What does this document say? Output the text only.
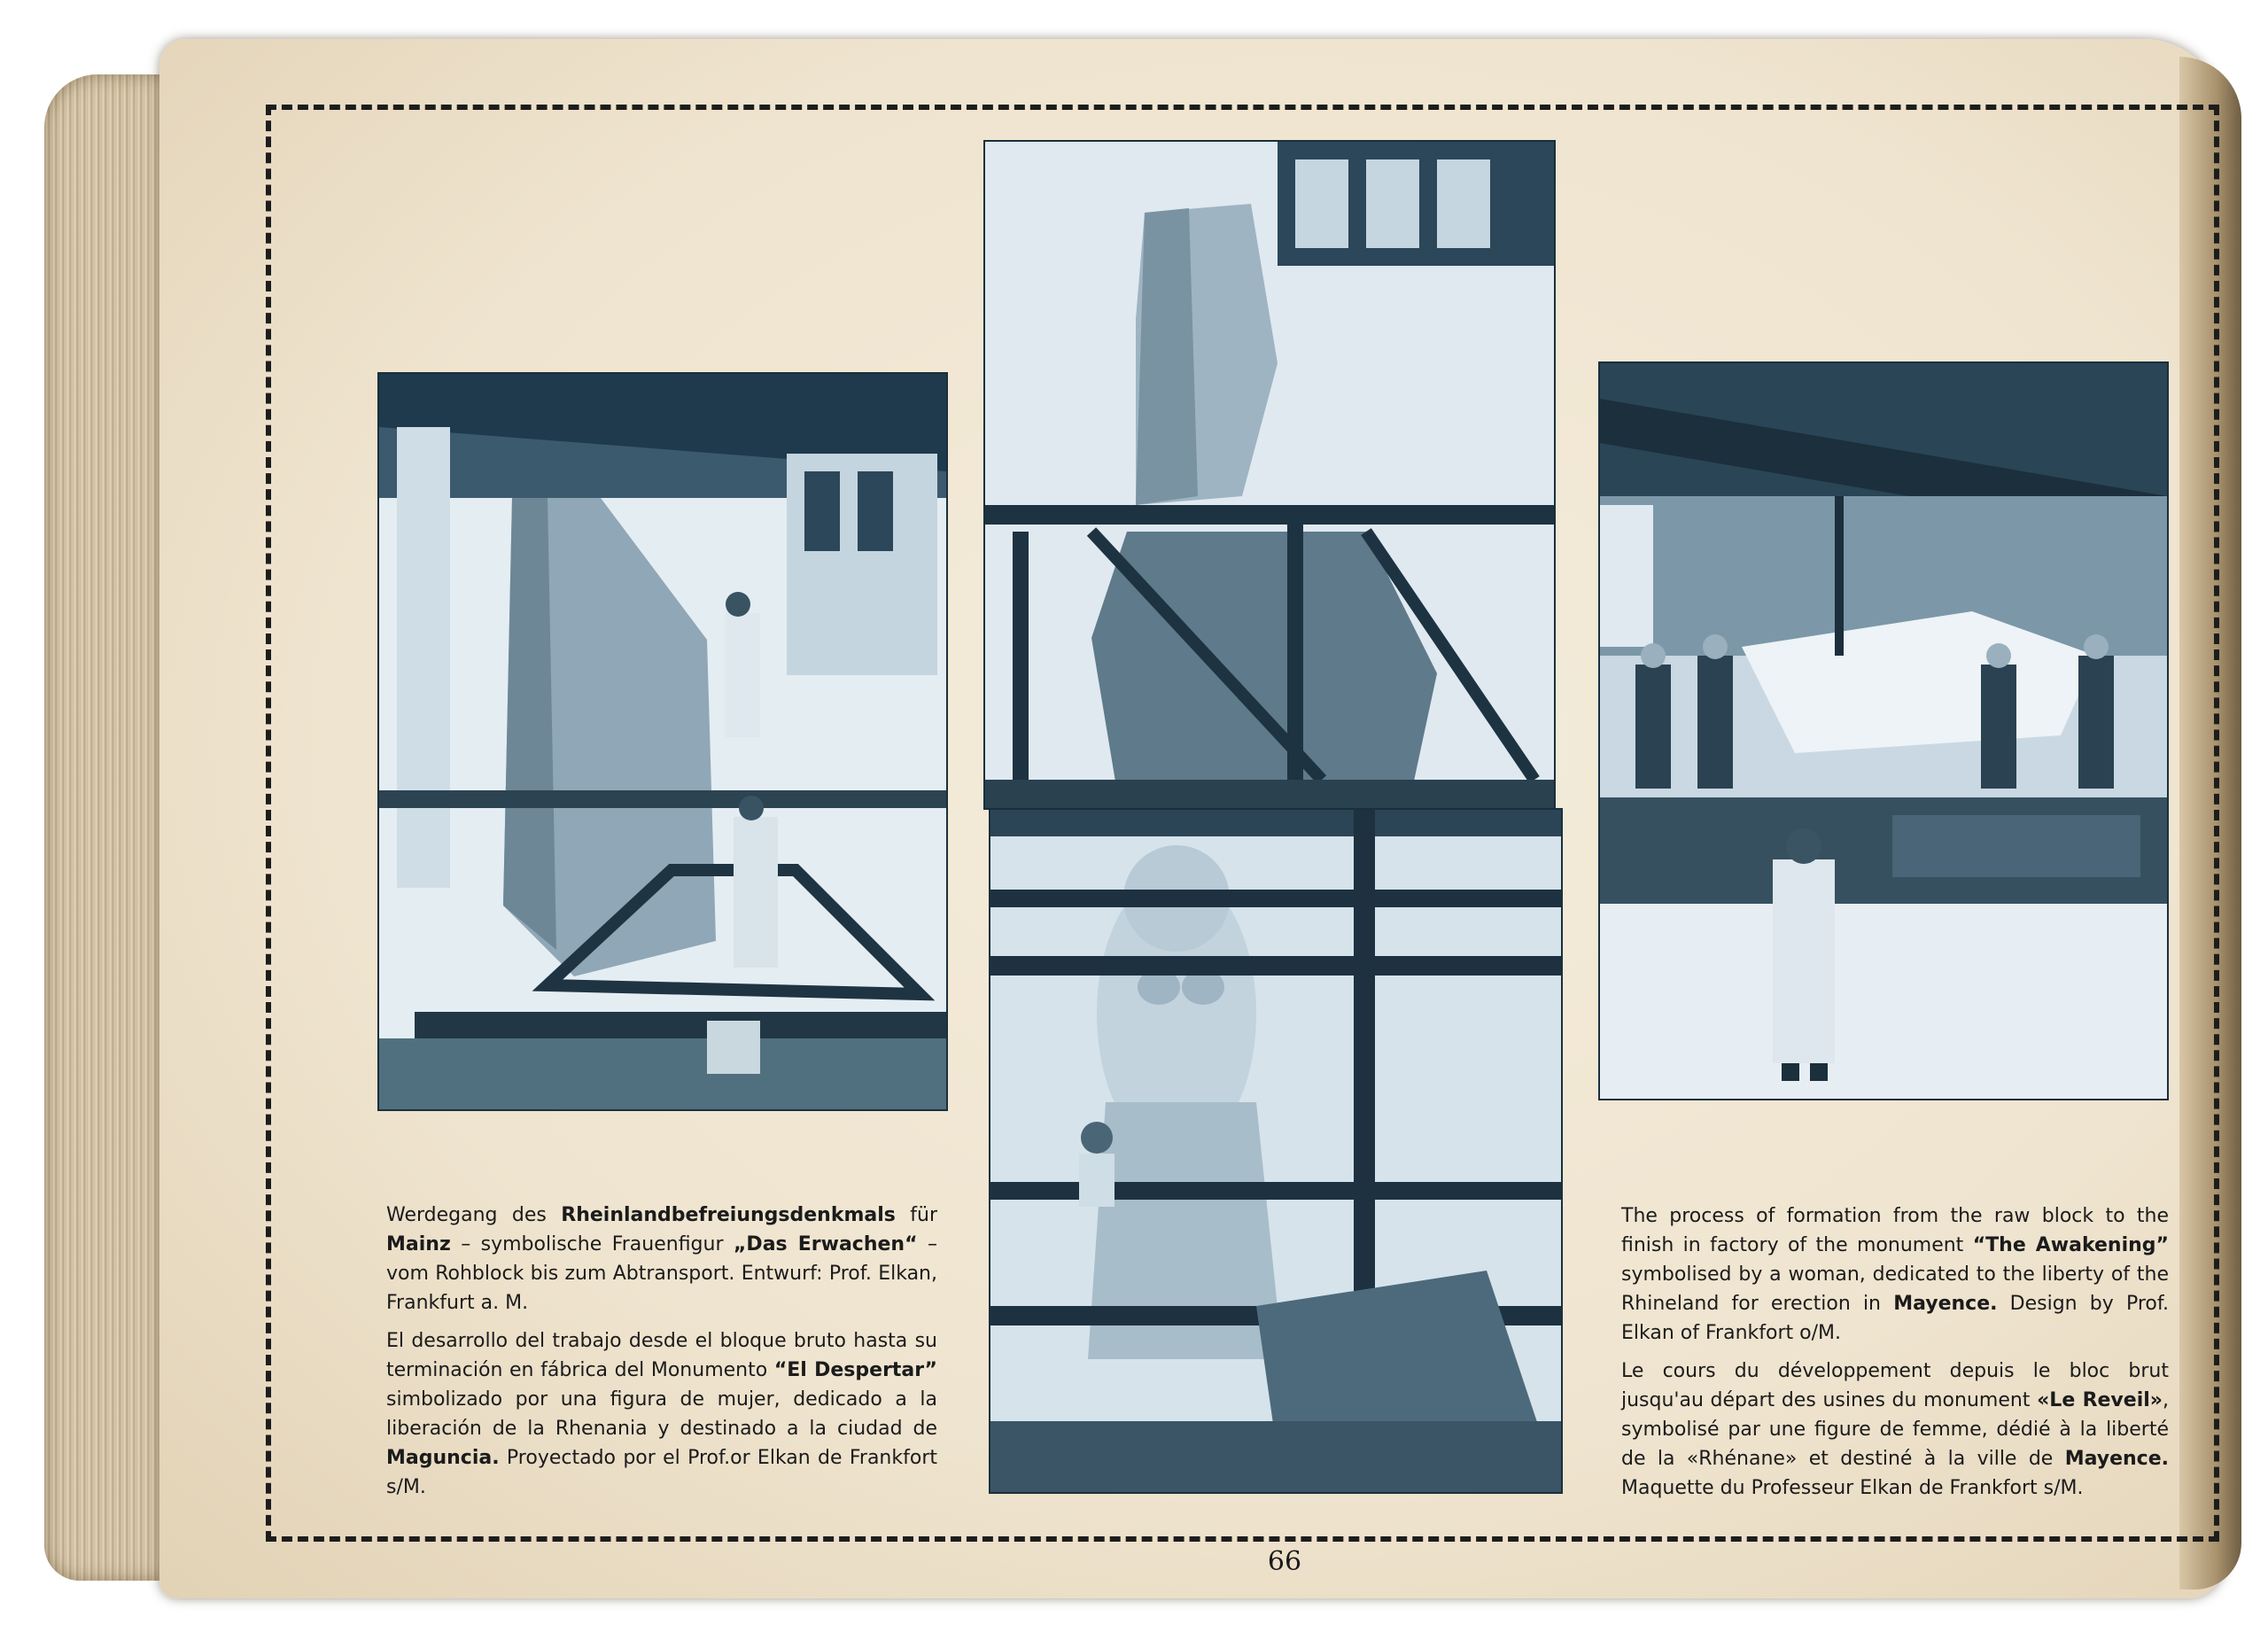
Werdegang des Rheinlandbefreiungsdenkmals für Mainz – symbolische Frauenfigur „Das Erwachen“ – vom Rohblock bis zum Abtransport. Entwurf: Prof. Elkan, Frankfurt a. M.

El desarrollo del trabajo desde el bloque bruto hasta su terminación en fábrica del Monumento “El Despertar” simbolizado por una figura de mujer, dedicado a la liberación de la Rhenania y destinado a la ciudad de Maguncia. Proyectado por el Prof.or Elkan de Frankfort s/M.

The process of formation from the raw block to the finish in factory of the monument “The Awakening” symbolised by a woman, dedicated to the liberty of the Rhineland for erection in Mayence. Design by Prof. Elkan of Frankfort o/M.

Le cours du développement depuis le bloc brut jusqu'au départ des usines du monument «Le Reveil», symbolisé par une figure de femme, dédié à la liberté de la «Rhénane» et destiné à la ville de Mayence. Maquette du Professeur Elkan de Frankfort s/M.

66
